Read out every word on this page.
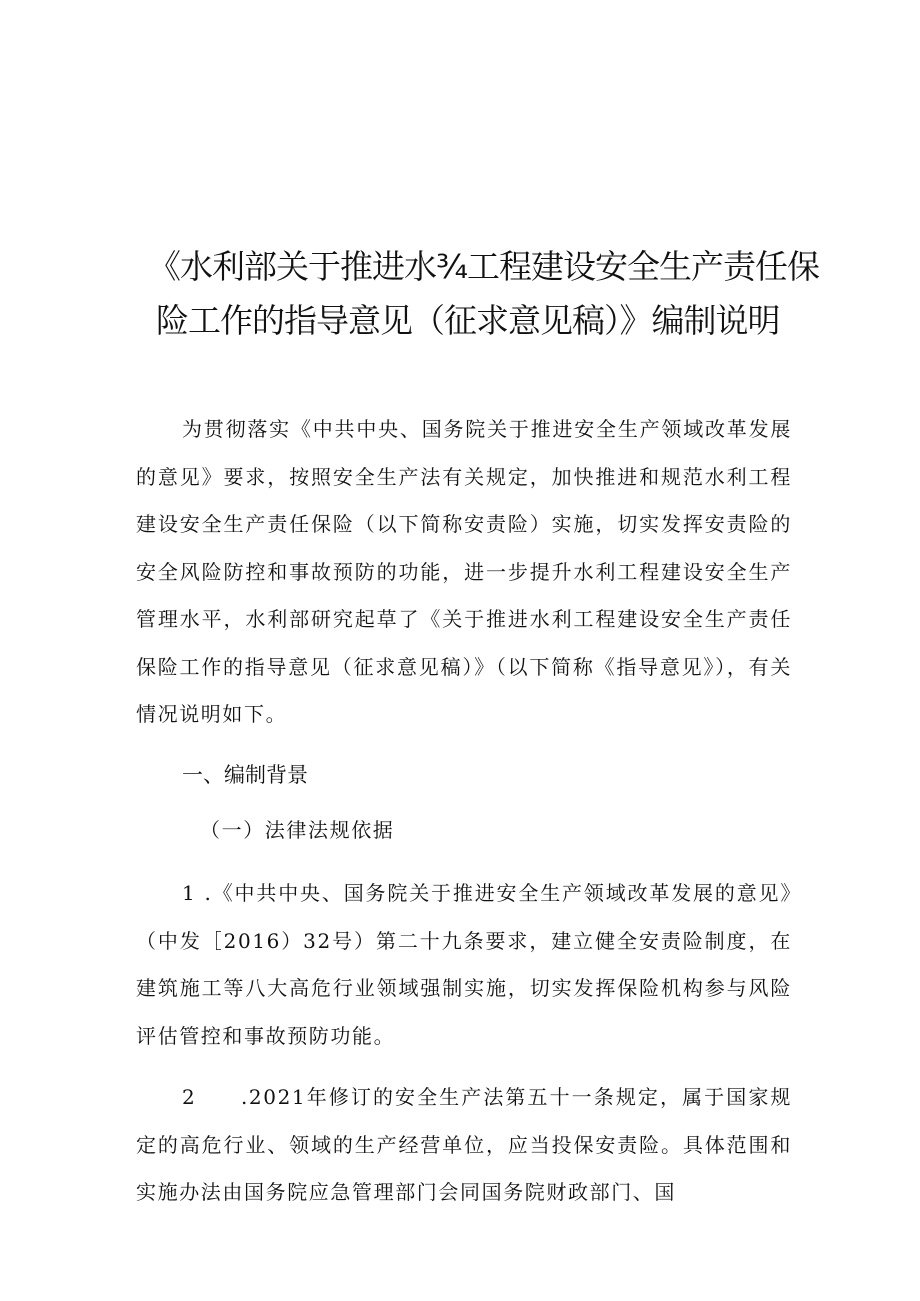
《水利部关于推进水¾工程建设安全生产责任保
险工作的指导意见（征求意见稿）》编制说明

为贯彻落实《中共中央、国务院关于推进安全生产领域改革发展的意见》要求，按照安全生产法有关规定，加快推进和规范水利工程建设安全生产责任保险（以下简称安责险）实施，切实发挥安责险的安全风险防控和事故预防的功能，进一步提升水利工程建设安全生产管理水平，水利部研究起草了《关于推进水利工程建设安全生产责任保险工作的指导意见（征求意见稿）》（以下简称《指导意见》），有关情况说明如下。

一、编制背景

（一）法律法规依据

1 .《中共中央、国务院关于推进安全生产领域改革发展的意见》（中发［2016）32号）第二十九条要求，建立健全安责险制度，在建筑施工等八大高危行业领域强制实施，切实发挥保险机构参与风险评估管控和事故预防功能。

2　　.2021年修订的安全生产法第五十一条规定，属于国家规定的高危行业、领域的生产经营单位，应当投保安责险。具体范围和实施办法由国务院应急管理部门会同国务院财政部门、国
